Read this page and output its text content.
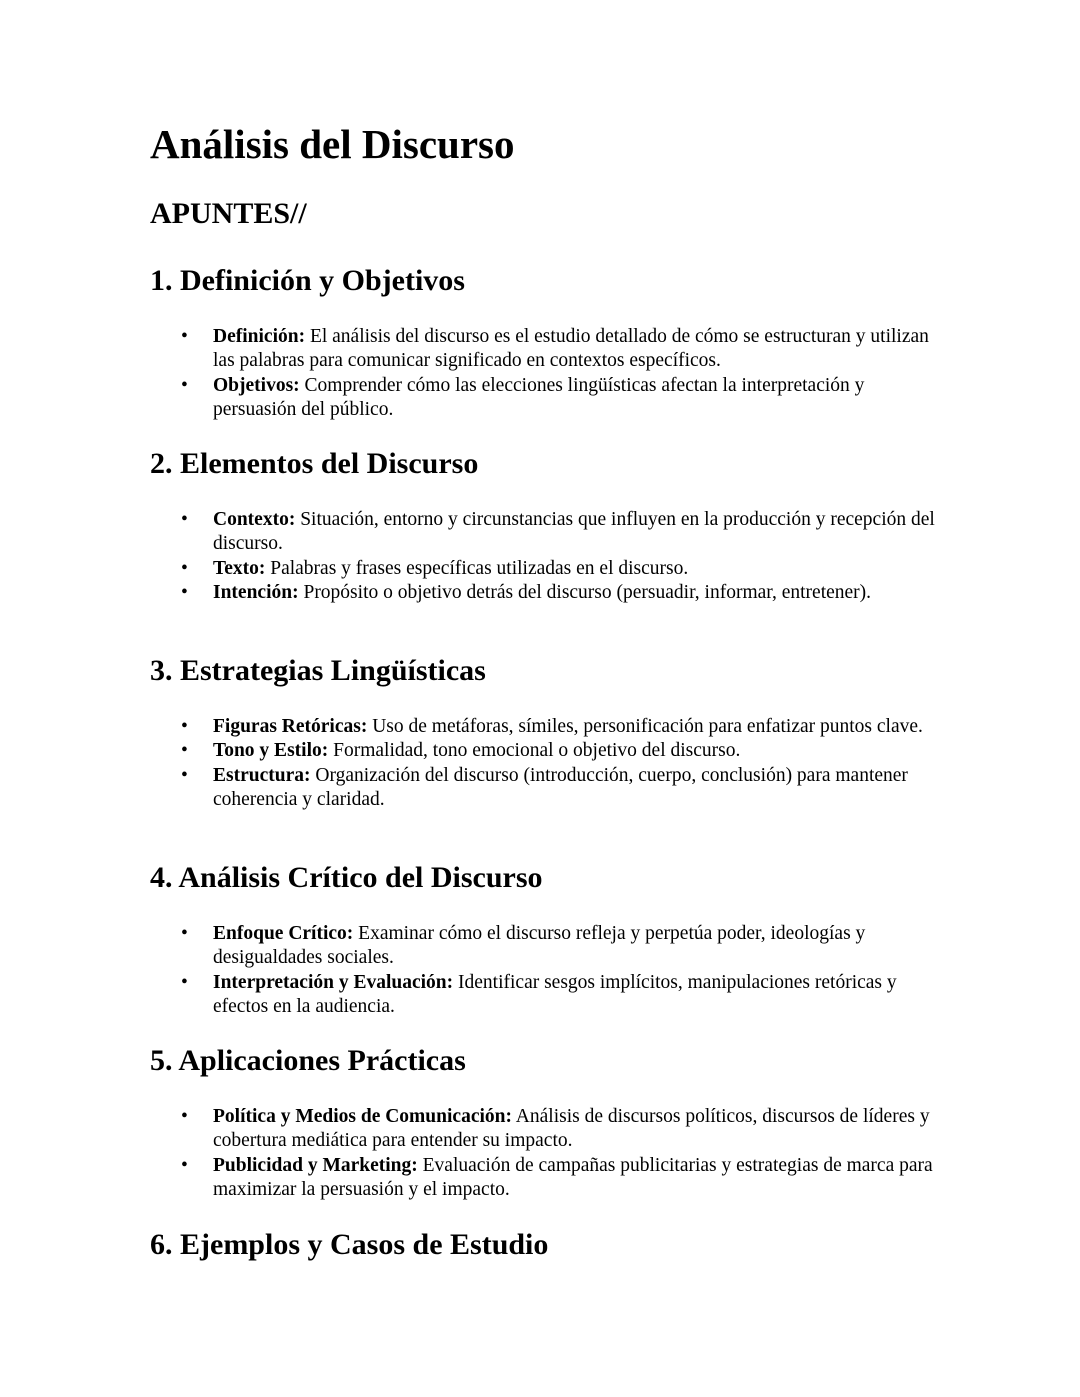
Análisis del Discurso
APUNTES//
1. Definición y Objetivos
• Definición: El análisis del discurso es el estudio detallado de cómo se estructuran y utilizan las palabras para comunicar significado en contextos específicos.
• Objetivos: Comprender cómo las elecciones lingüísticas afectan la interpretación y persuasión del público.
2. Elementos del Discurso
• Contexto: Situación, entorno y circunstancias que influyen en la producción y recepción del discurso.
• Texto: Palabras y frases específicas utilizadas en el discurso.
• Intención: Propósito o objetivo detrás del discurso (persuadir, informar, entretener).
3. Estrategias Lingüísticas
• Figuras Retóricas: Uso de metáforas, símiles, personificación para enfatizar puntos clave.
• Tono y Estilo: Formalidad, tono emocional o objetivo del discurso.
• Estructura: Organización del discurso (introducción, cuerpo, conclusión) para mantener coherencia y claridad.
4. Análisis Crítico del Discurso
• Enfoque Crítico: Examinar cómo el discurso refleja y perpetúa poder, ideologías y desigualdades sociales.
• Interpretación y Evaluación: Identificar sesgos implícitos, manipulaciones retóricas y efectos en la audiencia.
5. Aplicaciones Prácticas
• Política y Medios de Comunicación: Análisis de discursos políticos, discursos de líderes y cobertura mediática para entender su impacto.
• Publicidad y Marketing: Evaluación de campañas publicitarias y estrategias de marca para maximizar la persuasión y el impacto.
6. Ejemplos y Casos de Estudio
